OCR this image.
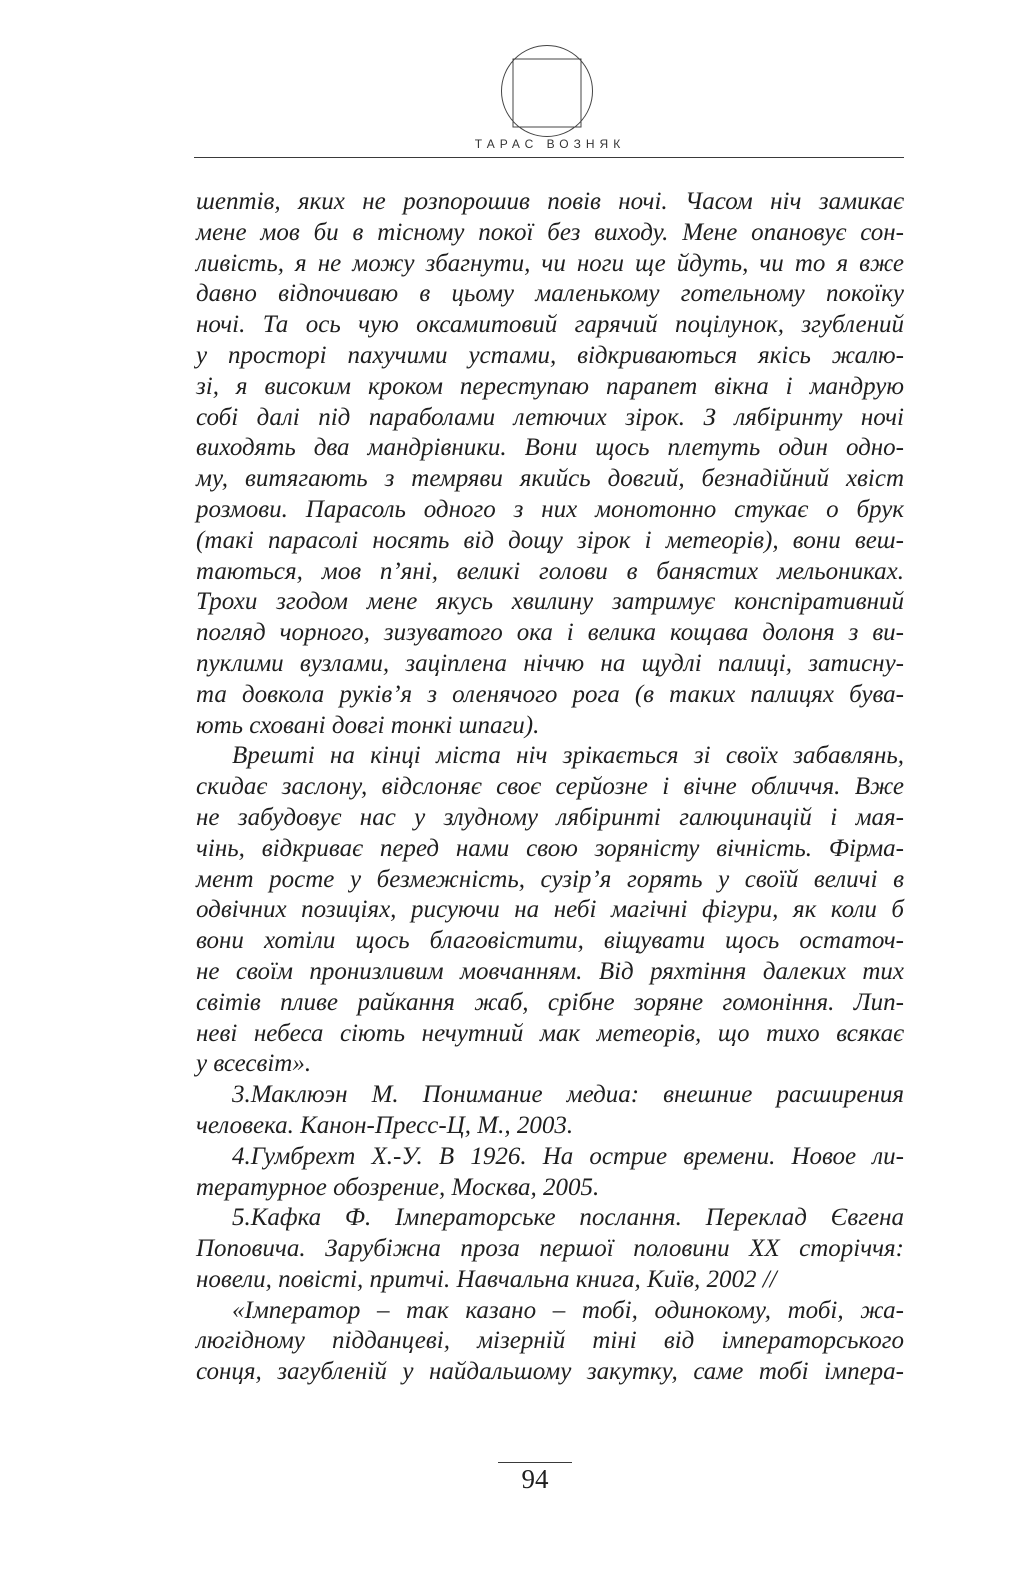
ТАРАС ВОЗНЯК
шептів, яких не розпорошив повів ночі. Часом ніч замикає
мене мов би в тісному покої без виходу. Мене опановує сон-
ливість, я не можу збагнути, чи ноги ще йдуть, чи то я вже
давно відпочиваю в цьому маленькому готельному покоїку
ночі. Та ось чую оксамитовий гарячий поцілунок, згублений
у просторі пахучими устами, відкриваються якісь жалю-
зі, я високим кроком переступаю парапет вікна і мандрую
собі далі під параболами летючих зірок. З лябіринту ночі
виходять два мандрівники. Вони щось плетуть один одно-
му, витягають з темряви якийсь довгий, безнадійний хвіст
розмови. Парасоль одного з них монотонно стукає о брук
(такі парасолі носять від дощу зірок і метеорів), вони веш-
таються, мов п’яні, великі голови в банястих мельониках.
Трохи згодом мене якусь хвилину затримує конспіративний
погляд чорного, зизуватого ока і велика кощава долоня з ви-
пуклими вузлами, заціплена ніччю на щудлі палиці, затисну-
та довкола руків’я з оленячого рога (в таких палицях бува-
ють сховані довгі тонкі шпаги).
Врешті на кінці міста ніч зрікається зі своїх забавлянь,
скидає заслону, відслоняє своє серйозне і вічне обличчя. Вже
не забудовує нас у злудному лябіринті галюцинацій і мая-
чінь, відкриває перед нами свою зоряністу вічність. Фірма-
мент росте у безмежність, сузір’я горять у своїй величі в
одвічних позиціях, рисуючи на небі магічні фігури, як коли б
вони хотіли щось благовістити, віщувати щось остаточ-
не своїм пронизливим мовчанням. Від ряхтіння далеких тих
світів пливе райкання жаб, срібне зоряне гомоніння. Лип-
неві небеса сіють нечутний мак метеорів, що тихо всякає
у всесвіт».
3.Маклюэн М. Понимание медиа: внешние расширения
человека. Канон-Пресс-Ц, М., 2003.
4.Гумбрехт Х.-У. В 1926. На острие времени. Новое ли-
тературное обозрение, Москва, 2005.
5.Кафка Ф. Імператорське послання. Переклад Євгена
Поповича. Зарубіжна проза першої половини ХХ сторіччя:
новели, повісті, притчі. Навчальна книга, Київ, 2002 //
«Імператор – так казано – тобі, одинокому, тобі, жа-
люгідному підданцеві, мізерній тіні від імператорського
сонця, загубленій у найдальшому закутку, саме тобі імпера-
94
